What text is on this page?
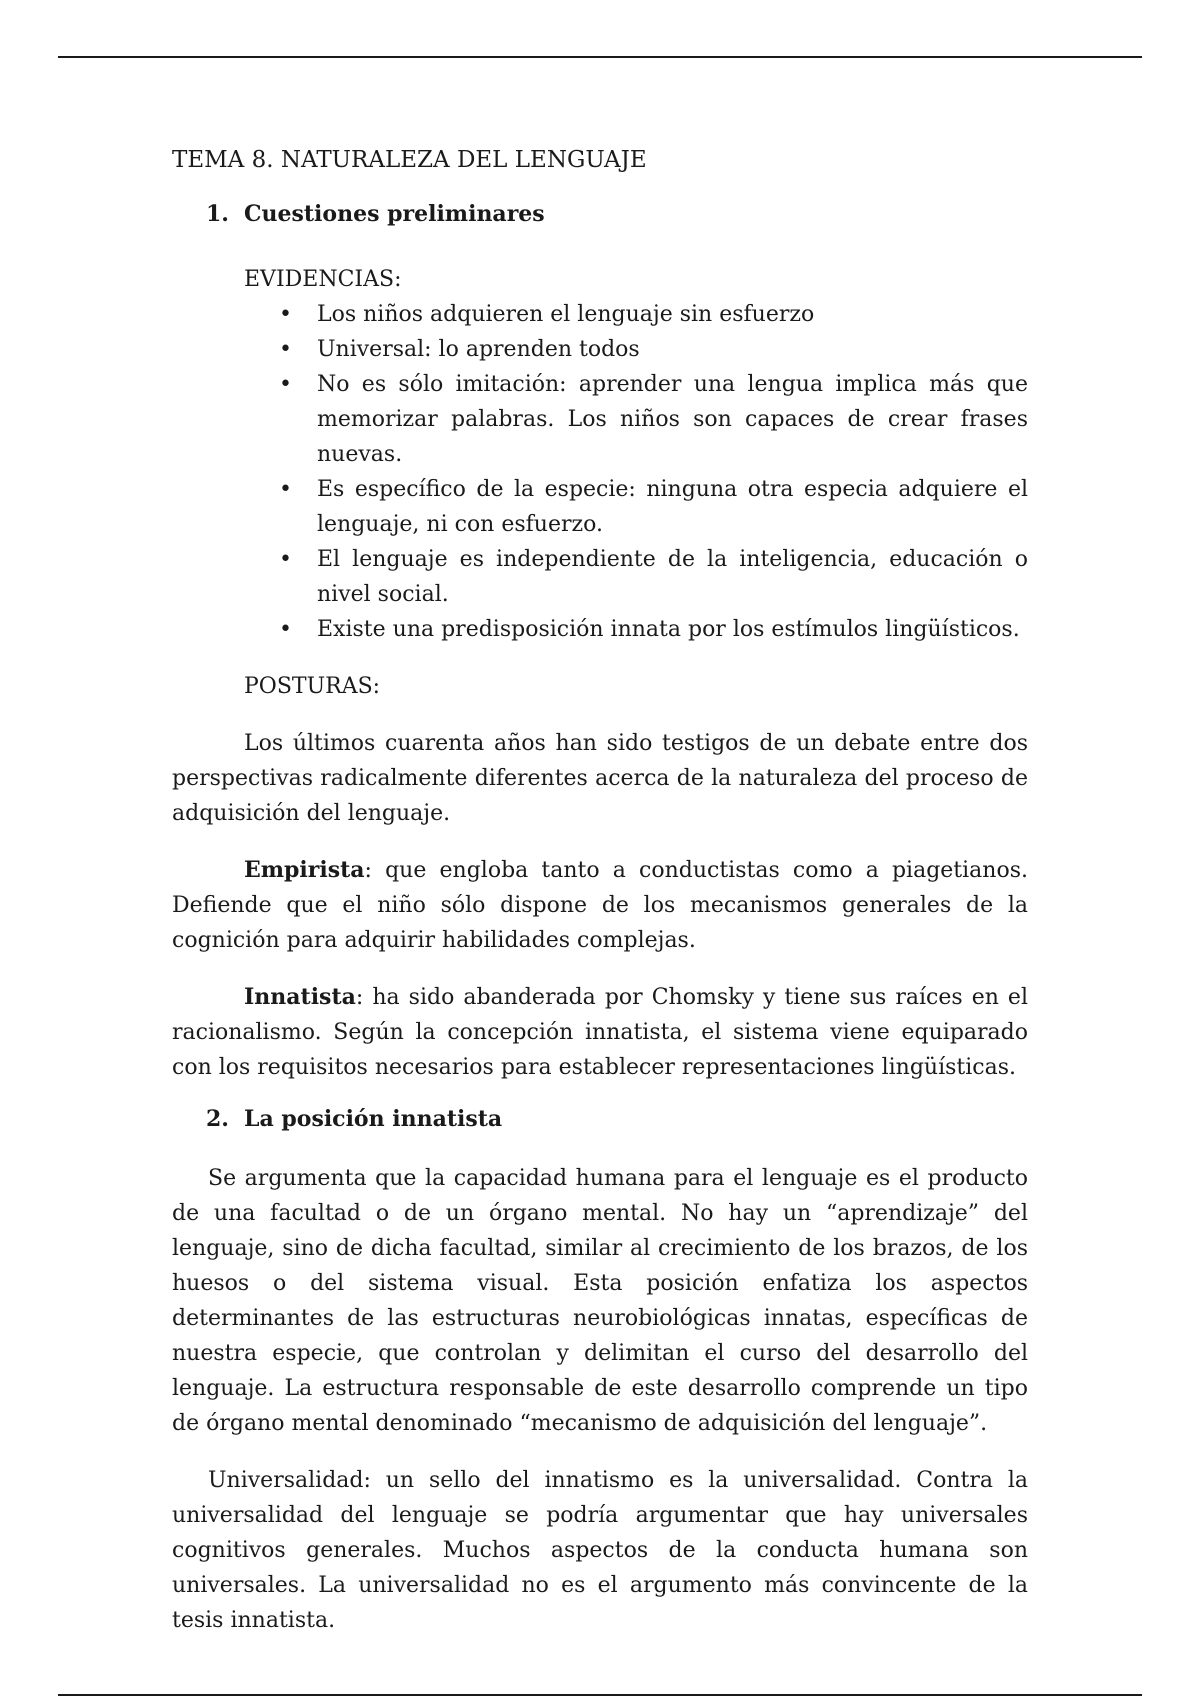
TEMA 8. NATURALEZA DEL LENGUAJE
1. Cuestiones preliminares
EVIDENCIAS:
• Los niños adquieren el lenguaje sin esfuerzo
• Universal: lo aprenden todos
• No es sólo imitación: aprender una lengua implica más que memorizar palabras. Los niños son capaces de crear frases nuevas.
• Es específico de la especie: ninguna otra especia adquiere el lenguaje, ni con esfuerzo.
• El lenguaje es independiente de la inteligencia, educación o nivel social.
• Existe una predisposición innata por los estímulos lingüísticos.
POSTURAS:

Los últimos cuarenta años han sido testigos de un debate entre dos perspectivas radicalmente diferentes acerca de la naturaleza del proceso de adquisición del lenguaje.

Empirista: que engloba tanto a conductistas como a piagetianos. Defiende que el niño sólo dispone de los mecanismos generales de la cognición para adquirir habilidades complejas.

Innatista: ha sido abanderada por Chomsky y tiene sus raíces en el racionalismo. Según la concepción innatista, el sistema viene equiparado con los requisitos necesarios para establecer representaciones lingüísticas.

2. La posición innatista

Se argumenta que la capacidad humana para el lenguaje es el producto de una facultad o de un órgano mental. No hay un “aprendizaje” del lenguaje, sino de dicha facultad, similar al crecimiento de los brazos, de los huesos o del sistema visual. Esta posición enfatiza los aspectos determinantes de las estructuras neurobiológicas innatas, específicas de nuestra especie, que controlan y delimitan el curso del desarrollo del lenguaje. La estructura responsable de este desarrollo comprende un tipo de órgano mental denominado “mecanismo de adquisición del lenguaje”.

Universalidad: un sello del innatismo es la universalidad. Contra la universalidad del lenguaje se podría argumentar que hay universales cognitivos generales. Muchos aspectos de la conducta humana son universales. La universalidad no es el argumento más convincente de la tesis innatista.
